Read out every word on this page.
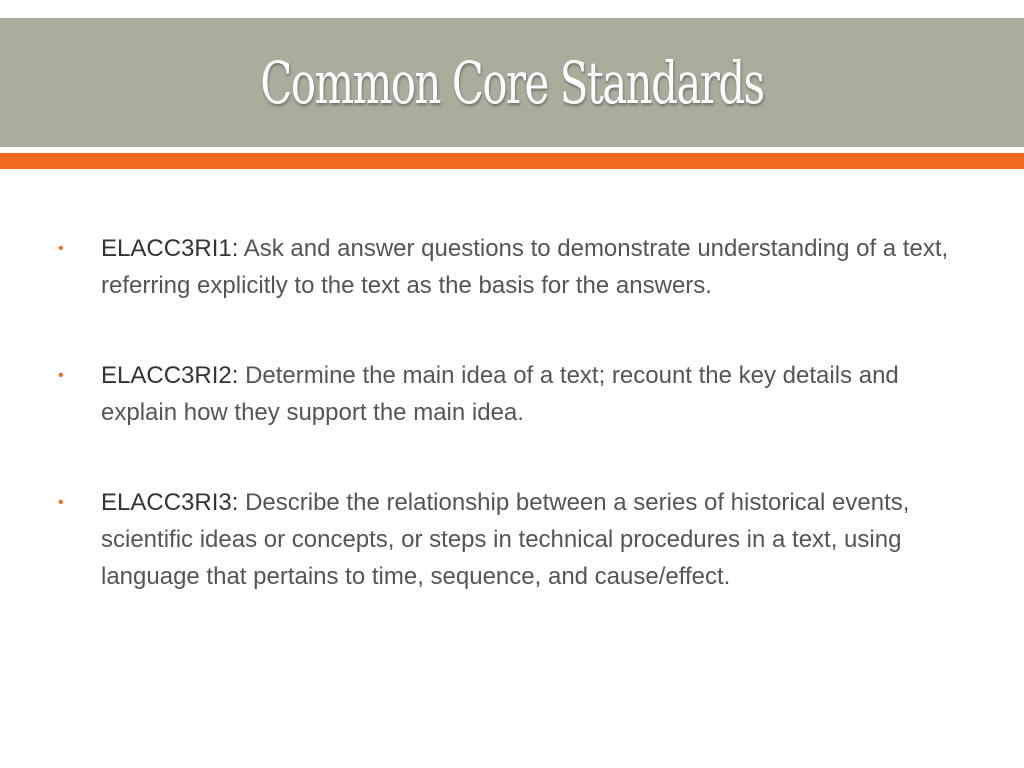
Common Core Standards
• ELACC3RI1: Ask and answer questions to demonstrate understanding of a text, referring explicitly to the text as the basis for the answers.
• ELACC3RI2: Determine the main idea of a text; recount the key details and explain how they support the main idea.
• ELACC3RI3: Describe the relationship between a series of historical events, scientific ideas or concepts, or steps in technical procedures in a text, using language that pertains to time, sequence, and cause/effect.
